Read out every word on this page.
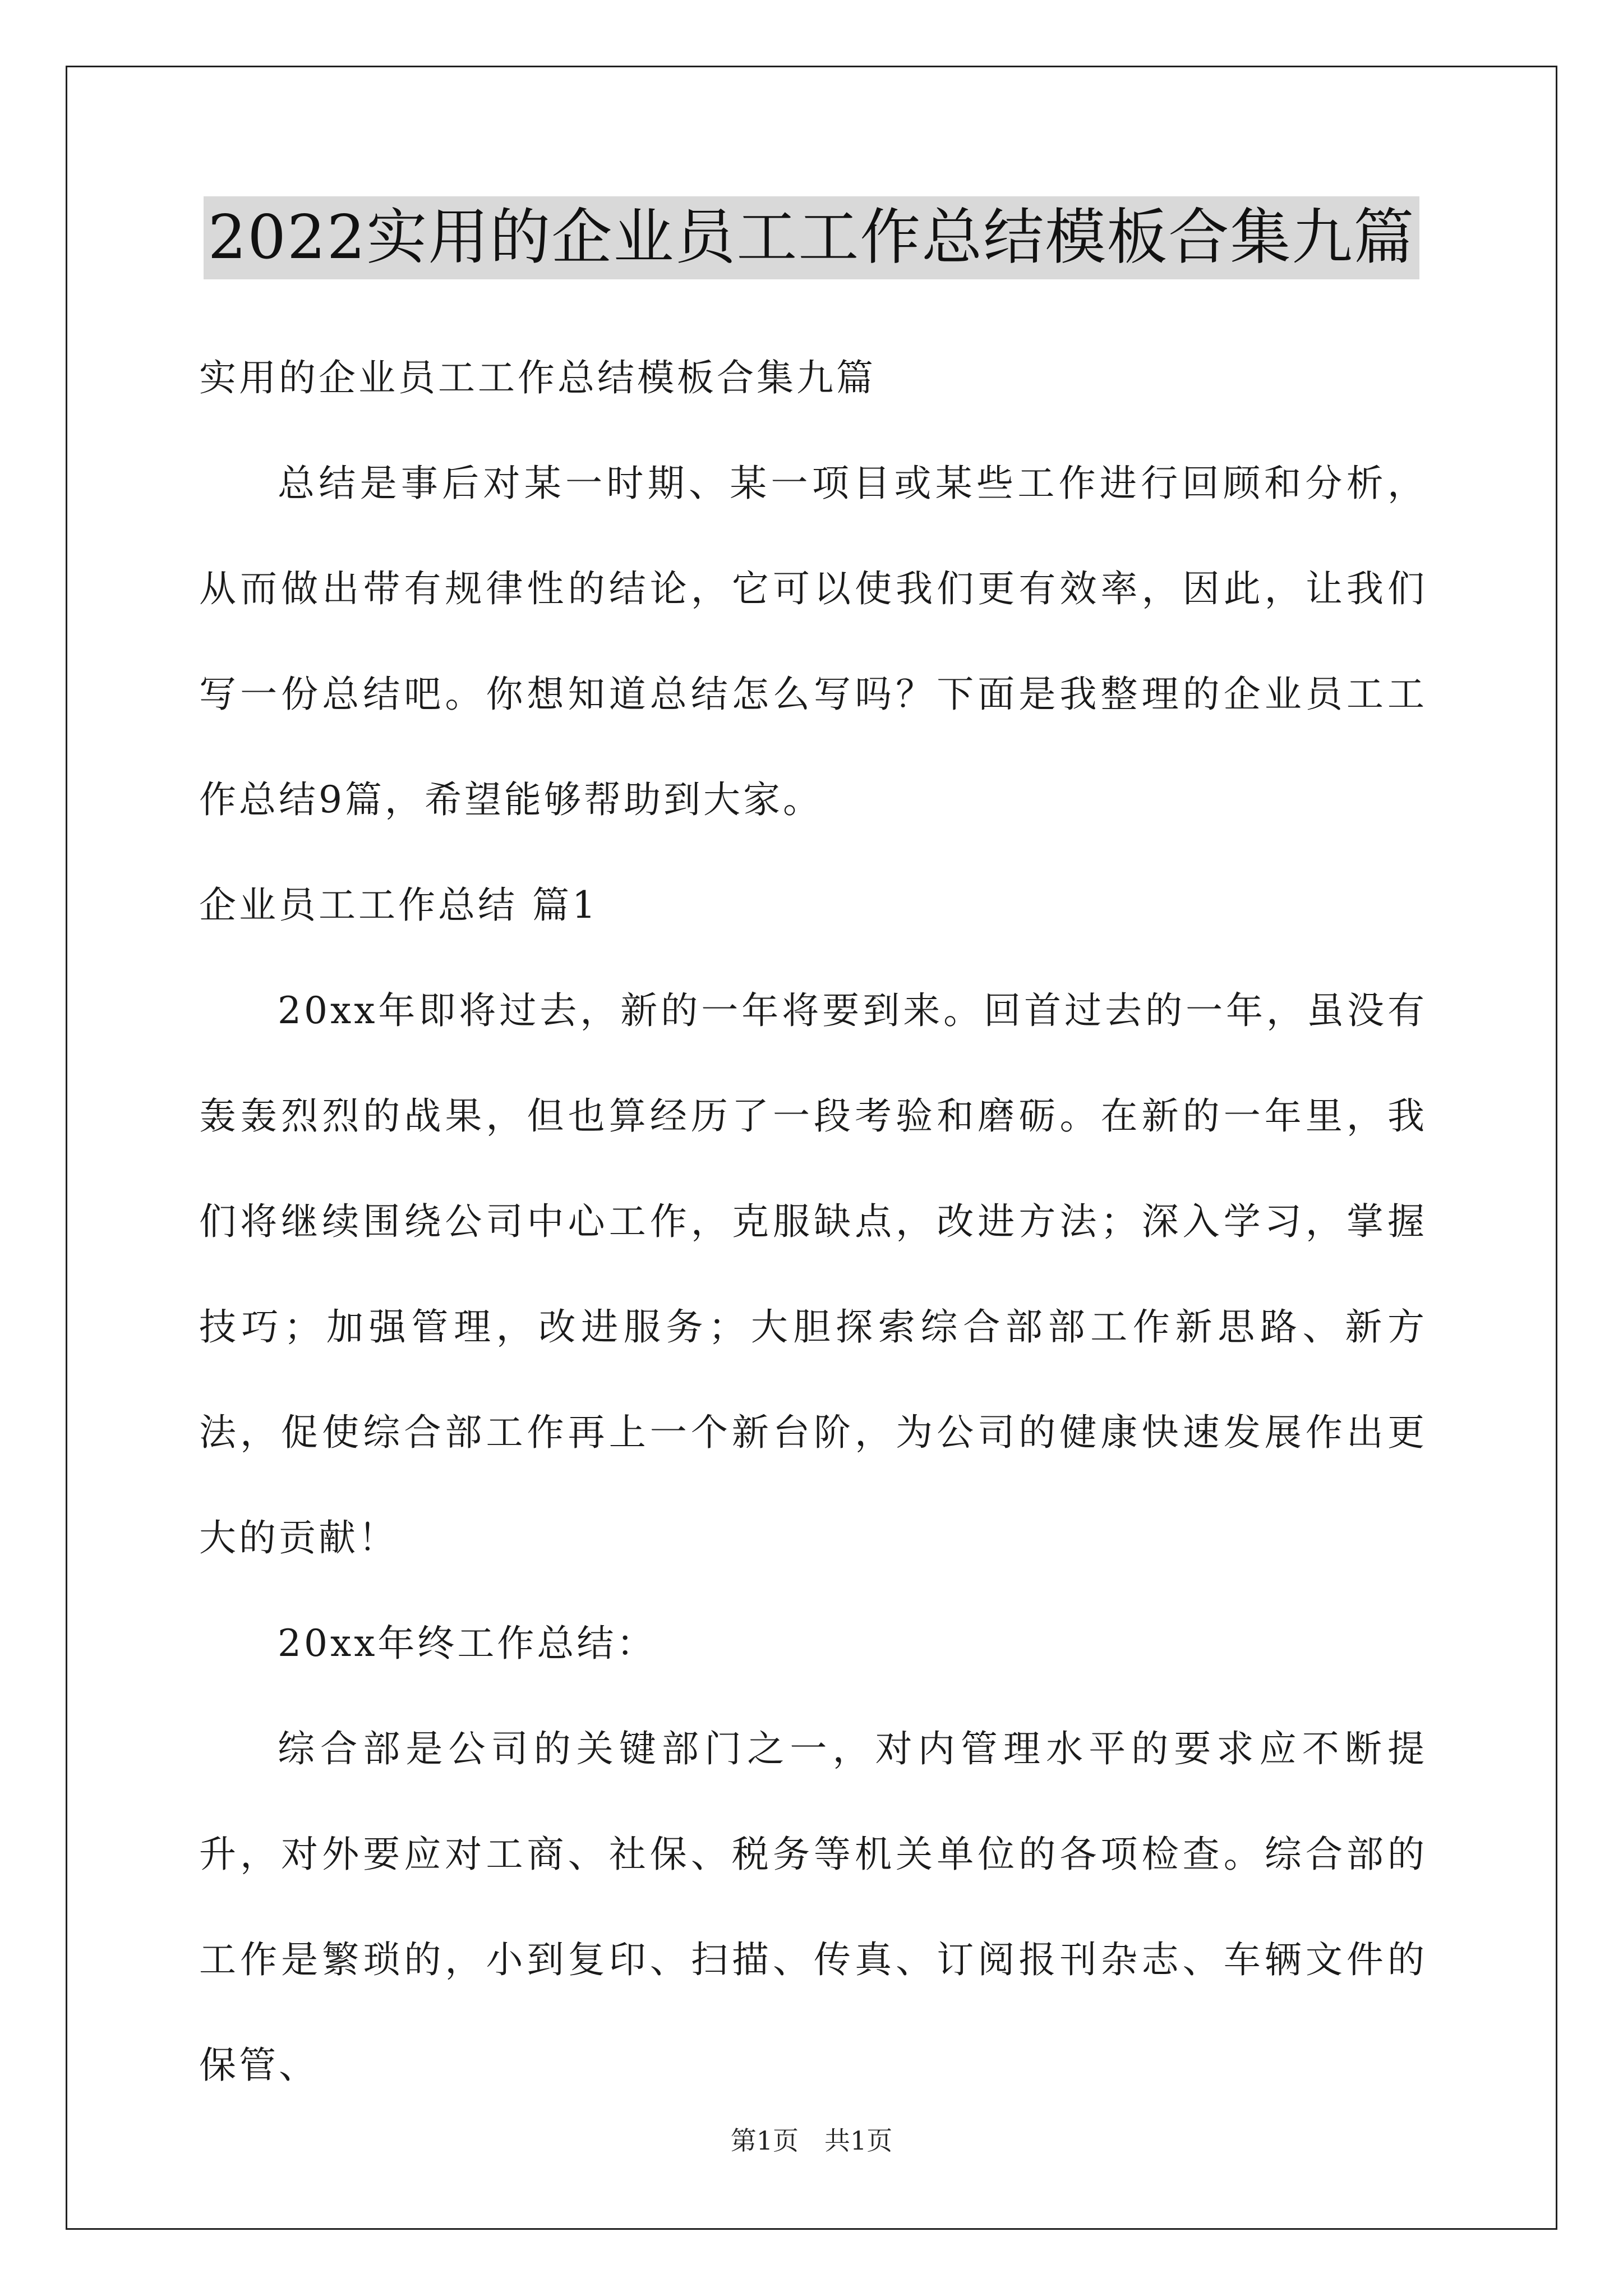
2022实用的企业员工工作总结模板合集九篇

实用的企业员工工作总结模板合集九篇

总结是事后对某一时期、某一项目或某些工作进行回顾和分析，从而做出带有规律性的结论，它可以使我们更有效率，因此，让我们写一份总结吧。你想知道总结怎么写吗？下面是我整理的企业员工工作总结9篇，希望能够帮助到大家。

企业员工工作总结 篇1

20xx年即将过去，新的一年将要到来。回首过去的一年，虽没有轰轰烈烈的战果，但也算经历了一段考验和磨砺。在新的一年里，我们将继续围绕公司中心工作，克服缺点，改进方法；深入学习，掌握技巧；加强管理，改进服务；大胆探索综合部部工作新思路、新方法，促使综合部工作再上一个新台阶，为公司的健康快速发展作出更大的贡献！

20xx年终工作总结：

综合部是公司的关键部门之一，对内管理水平的要求应不断提升，对外要应对工商、社保、税务等机关单位的各项检查。综合部的工作是繁琐的，小到复印、扫描、传真、订阅报刊杂志、车辆文件的保管、

第1页　共1页
